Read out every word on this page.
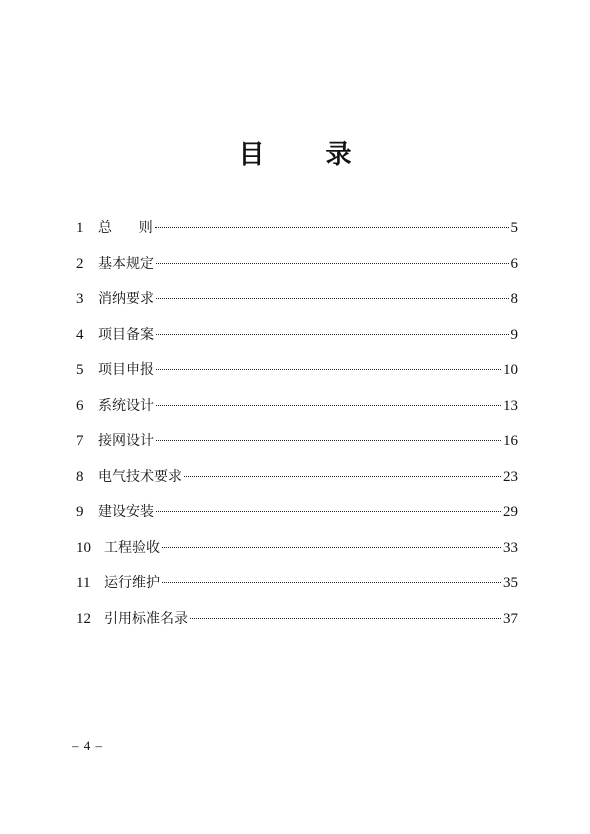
目 录
1	总      则	5
2	基本规定	6
3	消纳要求	8
4	项目备案	9
5	项目申报	10
6	系统设计	13
7	接网设计	16
8	电气技术要求	23
9	建设安装	29
10 工程验收	33
11 运行维护	35
12 引用标准名录	37
– 4 –
